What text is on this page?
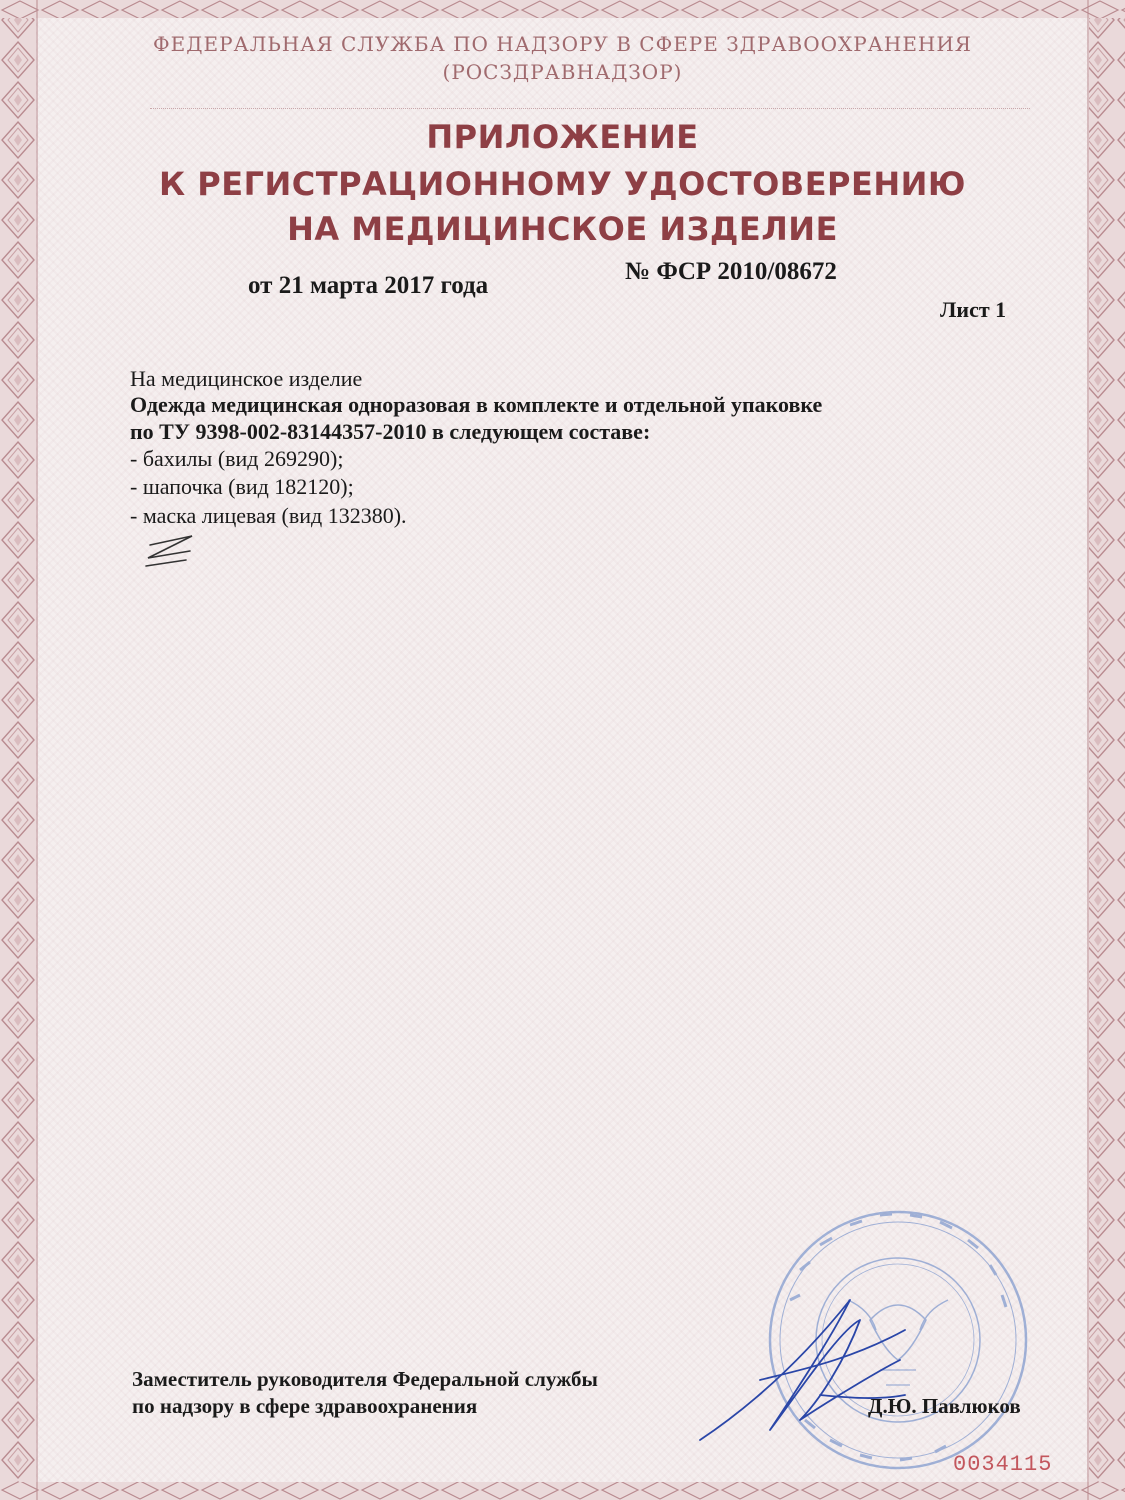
ФЕДЕРАЛЬНАЯ СЛУЖБА ПО НАДЗОРУ В СФЕРЕ ЗДРАВООХРАНЕНИЯ
(РОСЗДРАВНАДЗОР)
ПРИЛОЖЕНИЕ
К РЕГИСТРАЦИОННОМУ УДОСТОВЕРЕНИЮ
НА МЕДИЦИНСКОЕ ИЗДЕЛИЕ
от 21 марта 2017 года
№ ФСР 2010/08672
Лист 1
На медицинское изделие
Одежда медицинская одноразовая в комплекте и отдельной упаковке
по ТУ 9398-002-83144357-2010 в следующем составе:
- бахилы (вид 269290);
- шапочка (вид 182120);
- маска лицевая (вид 132380).
Заместитель руководителя Федеральной службы
по надзору в сфере здравоохранения	Д.Ю. Павлюков
0034115
